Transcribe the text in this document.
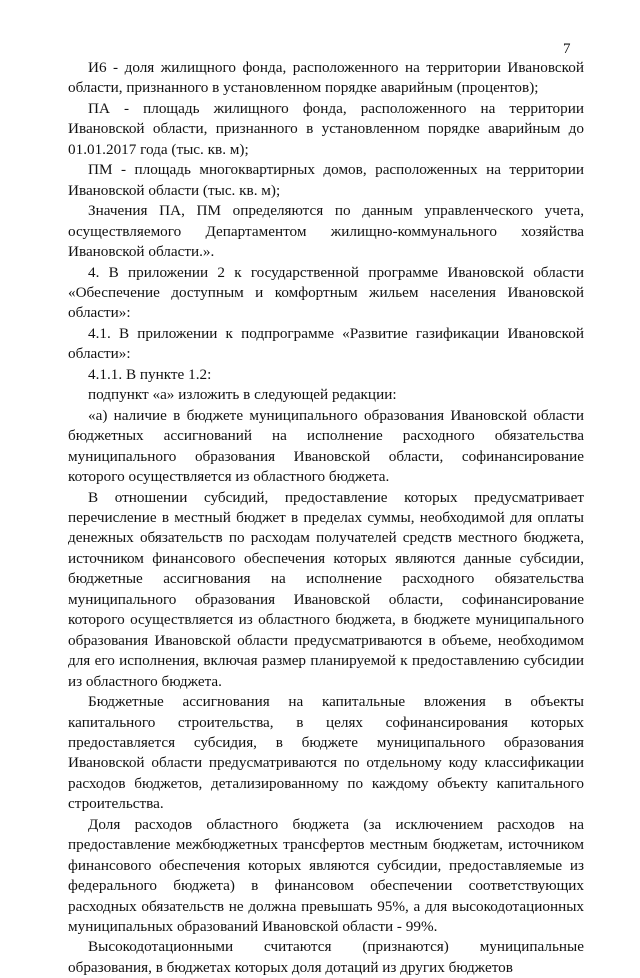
7

И6 - доля жилищного фонда, расположенного на территории Ивановской области, признанного в установленном порядке аварийным (процентов);

ПА - площадь жилищного фонда, расположенного на территории Ивановской области, признанного в установленном порядке аварийным до 01.01.2017 года (тыс. кв. м);

ПМ - площадь многоквартирных домов, расположенных на территории Ивановской области (тыс. кв. м);

Значения ПА, ПМ определяются по данным управленческого учета, осуществляемого Департаментом жилищно-коммунального хозяйства Ивановской области.».

4. В приложении 2 к государственной программе Ивановской области «Обеспечение доступным и комфортным жильем населения Ивановской области»:

4.1. В приложении к подпрограмме «Развитие газификации Ивановской области»:

4.1.1. В пункте 1.2:

подпункт «а» изложить в следующей редакции:

«а) наличие в бюджете муниципального образования Ивановской области бюджетных ассигнований на исполнение расходного обязательства муниципального образования Ивановской области, софинансирование которого осуществляется из областного бюджета.

В отношении субсидий, предоставление которых предусматривает перечисление в местный бюджет в пределах суммы, необходимой для оплаты денежных обязательств по расходам получателей средств местного бюджета, источником финансового обеспечения которых являются данные субсидии, бюджетные ассигнования на исполнение расходного обязательства муниципального образования Ивановской области, софинансирование которого осуществляется из областного бюджета, в бюджете муниципального образования Ивановской области предусматриваются в объеме, необходимом для его исполнения, включая размер планируемой к предоставлению субсидии из областного бюджета.

Бюджетные ассигнования на капитальные вложения в объекты капитального строительства, в целях софинансирования которых предоставляется субсидия, в бюджете муниципального образования Ивановской области предусматриваются по отдельному коду классификации расходов бюджетов, детализированному по каждому объекту капитального строительства.

Доля расходов областного бюджета (за исключением расходов на предоставление межбюджетных трансфертов местным бюджетам, источником финансового обеспечения которых являются субсидии, предоставляемые из федерального бюджета) в финансовом обеспечении соответствующих расходных обязательств не должна превышать 95%, а для высокодотационных муниципальных образований Ивановской области - 99%.

Высокодотационными считаются (признаются) муниципальные образования, в бюджетах которых доля дотаций из других бюджетов
